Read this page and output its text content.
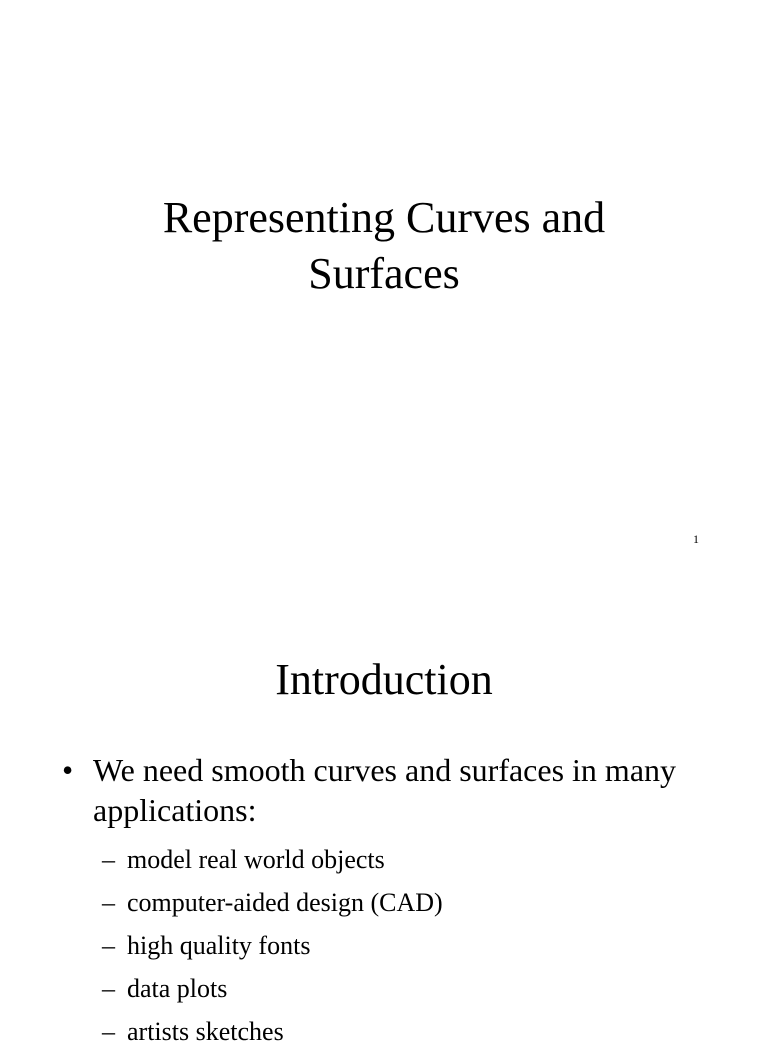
Representing Curves and
Surfaces
1
Introduction
• We need smooth curves and surfaces in many applications:
– model real world objects
– computer-aided design (CAD)
– high quality fonts
– data plots
– artists sketches
